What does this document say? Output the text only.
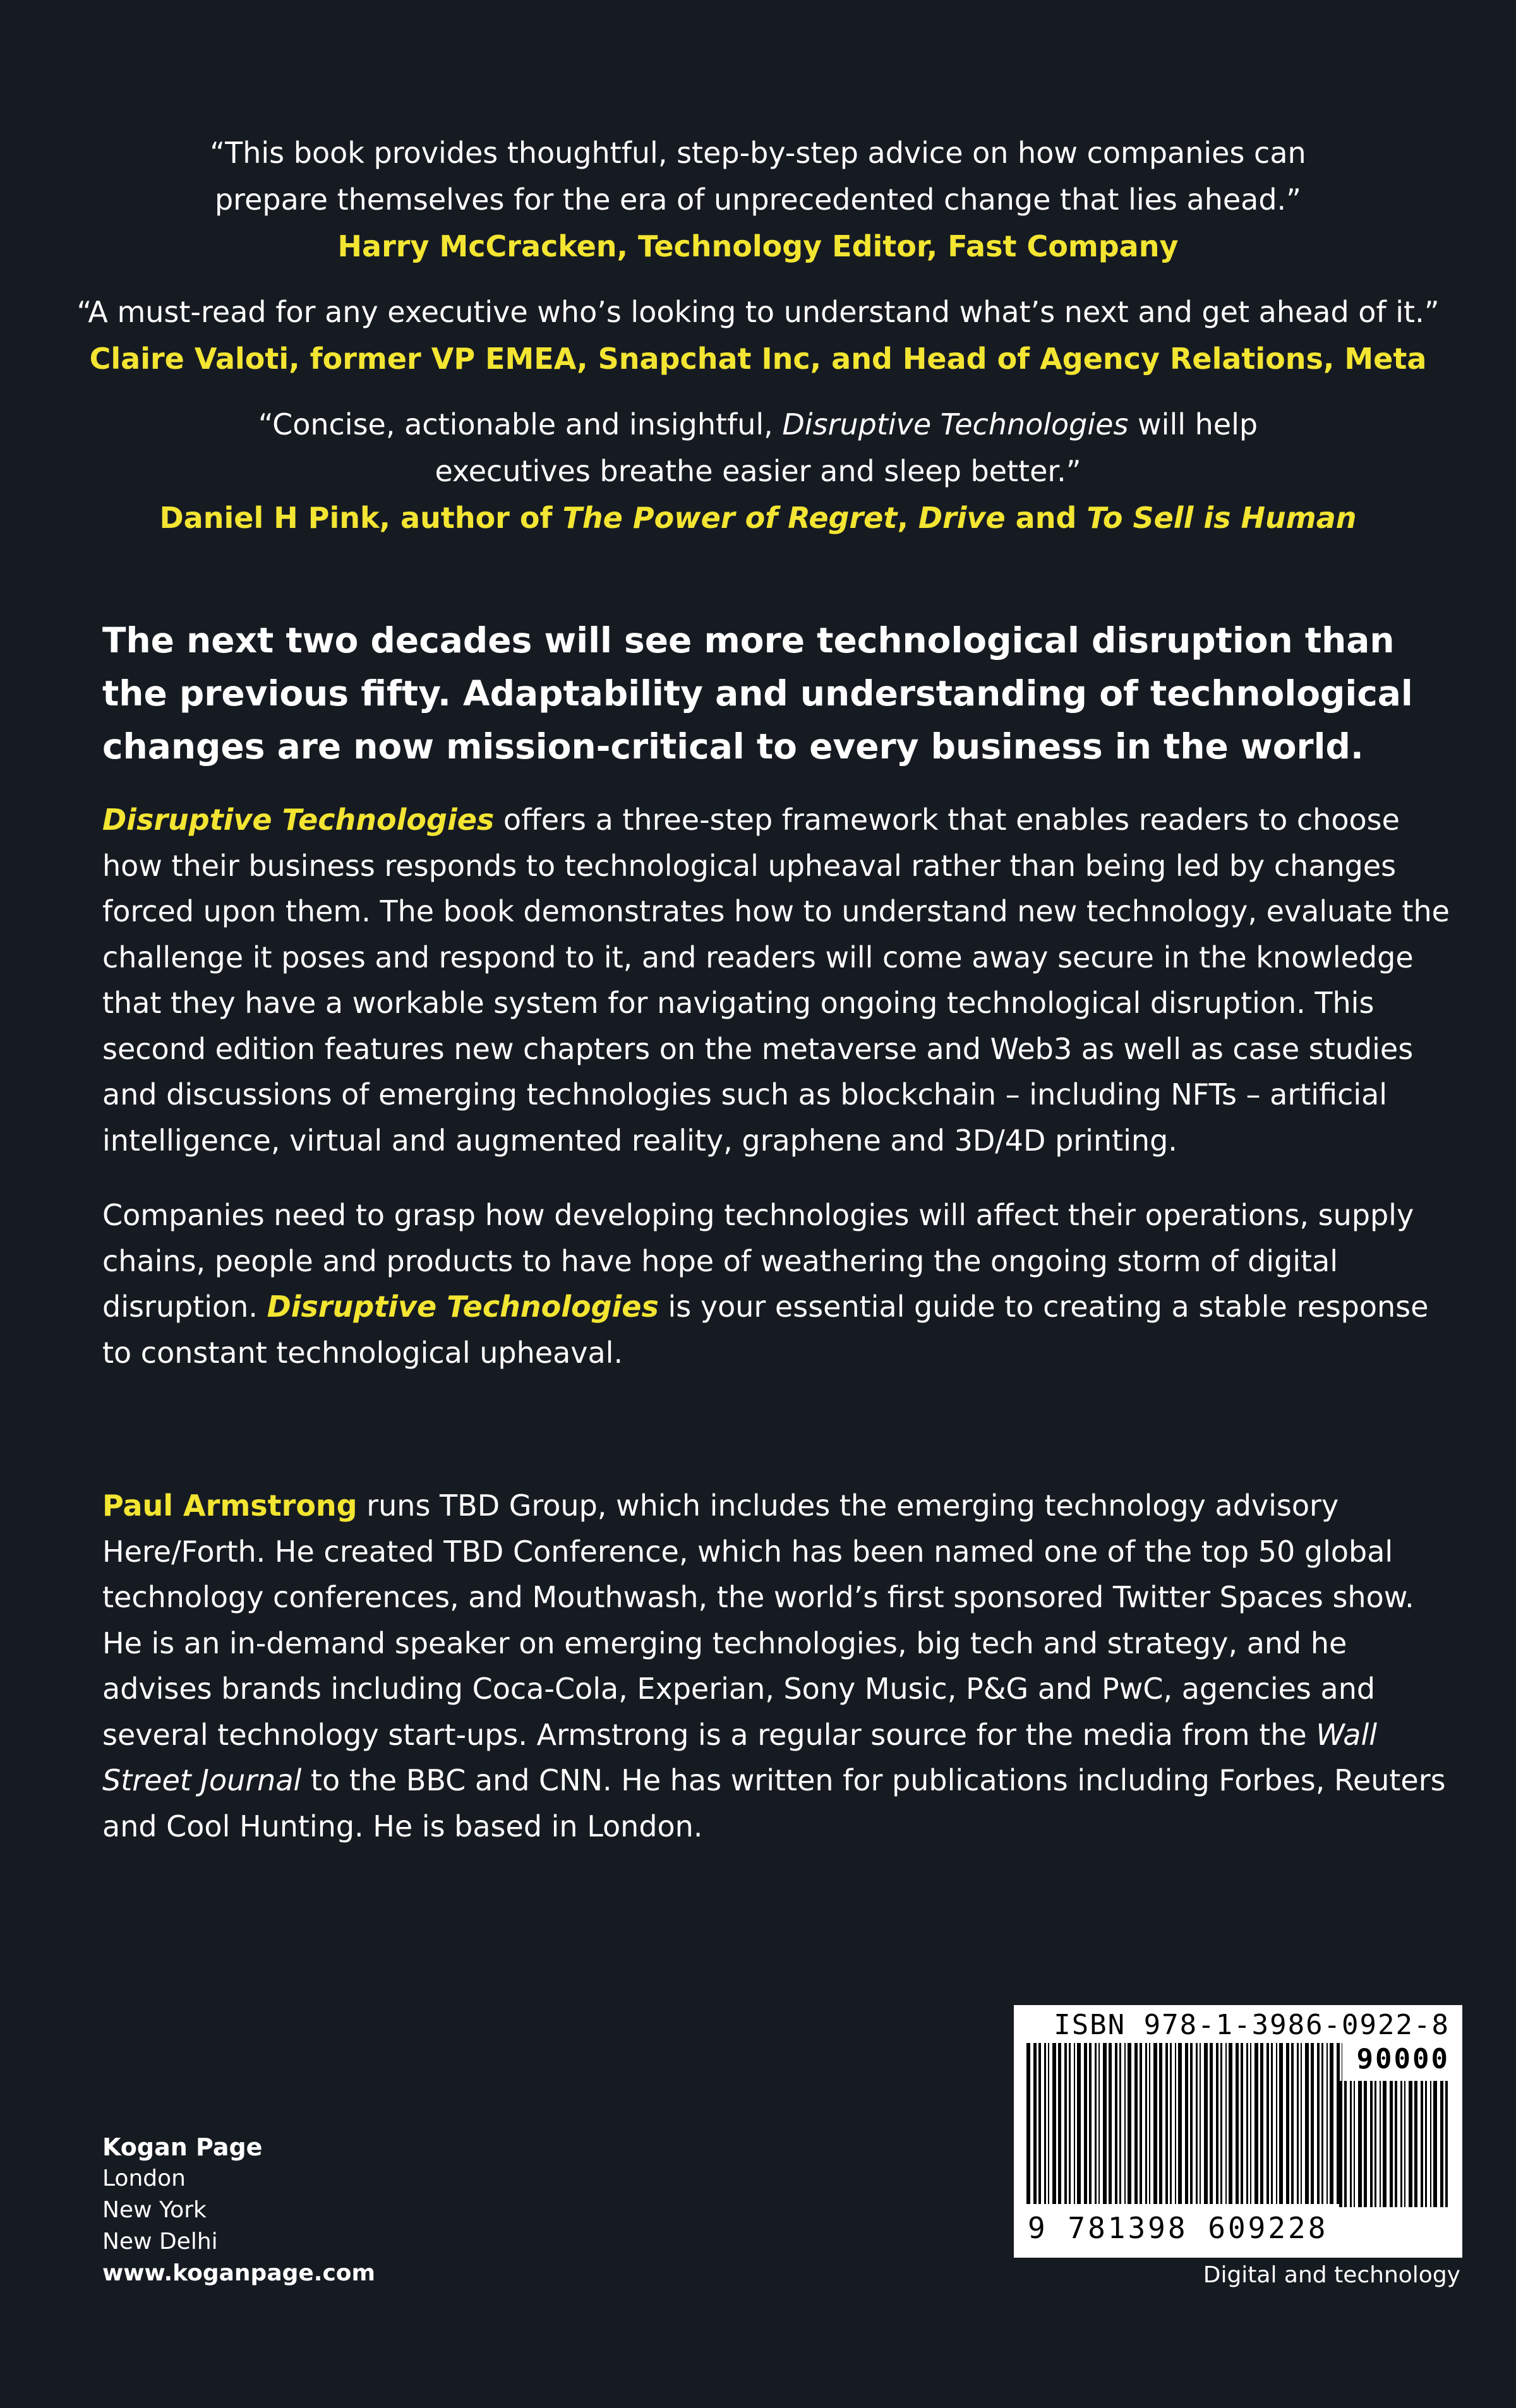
“This book provides thoughtful, step-by-step advice on how companies can
prepare themselves for the era of unprecedented change that lies ahead.”
Harry McCracken, Technology Editor, Fast Company
“A must-read for any executive who’s looking to understand what’s next and get ahead of it.”
Claire Valoti, former VP EMEA, Snapchat Inc, and Head of Agency Relations, Meta
“Concise, actionable and insightful, Disruptive Technologies will help
executives breathe easier and sleep better.”
Daniel H Pink, author of The Power of Regret, Drive and To Sell is Human

The next two decades will see more technological disruption than the previous fifty. Adaptability and understanding of technological changes are now mission-critical to every business in the world.

Disruptive Technologies offers a three-step framework that enables readers to choose how their business responds to technological upheaval rather than being led by changes forced upon them. The book demonstrates how to understand new technology, evaluate the challenge it poses and respond to it, and readers will come away secure in the knowledge that they have a workable system for navigating ongoing technological disruption. This second edition features new chapters on the metaverse and Web3 as well as case studies and discussions of emerging technologies such as blockchain – including NFTs – artificial intelligence, virtual and augmented reality, graphene and 3D/4D printing.

Companies need to grasp how developing technologies will affect their operations, supply chains, people and products to have hope of weathering the ongoing storm of digital disruption. Disruptive Technologies is your essential guide to creating a stable response to constant technological upheaval.

Paul Armstrong runs TBD Group, which includes the emerging technology advisory Here/Forth. He created TBD Conference, which has been named one of the top 50 global technology conferences, and Mouthwash, the world’s first sponsored Twitter Spaces show. He is an in-demand speaker on emerging technologies, big tech and strategy, and he advises brands including Coca-Cola, Experian, Sony Music, P&G and PwC, agencies and several technology start-ups. Armstrong is a regular source for the media from the Wall Street Journal to the BBC and CNN. He has written for publications including Forbes, Reuters and Cool Hunting. He is based in London.

Kogan Page
London
New York
New Delhi
www.koganpage.com
ISBN 978-1-3986-0922-8
90000
9 781398 609228
Digital and technology
